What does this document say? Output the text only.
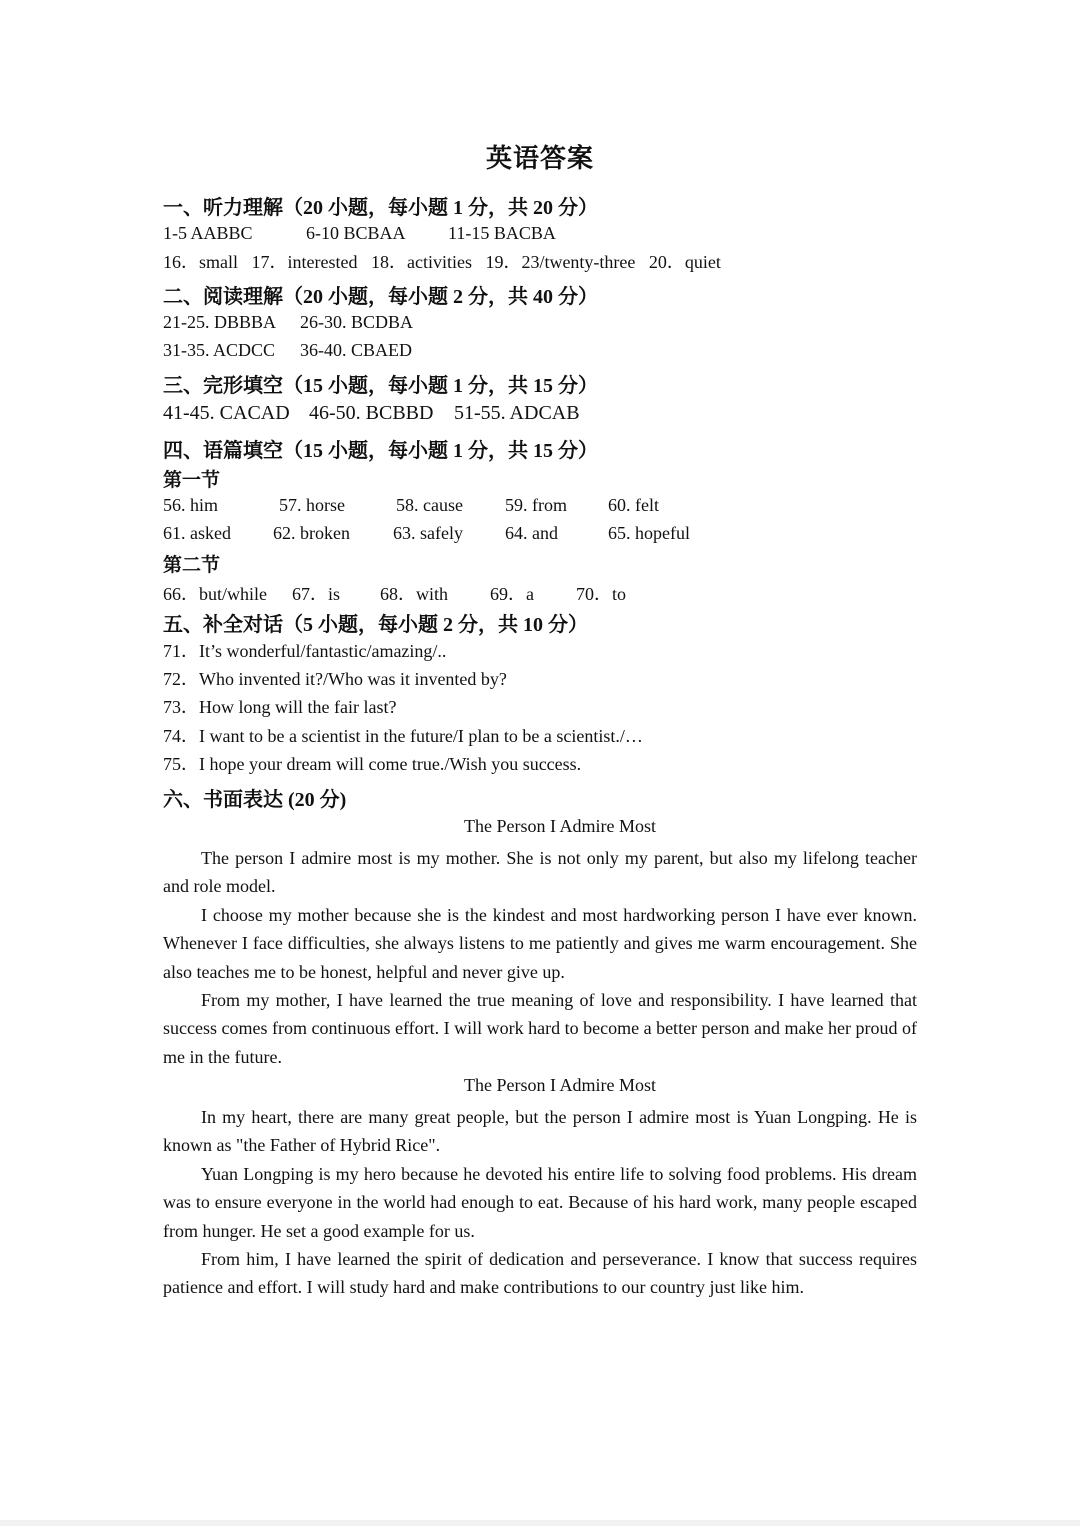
英语答案
一、听力理解（20 小题，每小题 1 分，共 20 分）
1-5 AABBC	6-10 BCBAA 11-15 BACBA
16．small   17．interested   18．activities   19．23/twenty-three   20．quiet
二、阅读理解（20 小题，每小题 2 分，共 40 分）
21-25. DBBBA 26-30. BCDBA
31-35. ACDCC 36-40. CBAED
三、完形填空（15 小题，每小题 1 分，共 15 分）
41-45. CACAD 46-50. BCBBD 51-55. ADCAB
四、语篇填空（15 小题，每小题 1 分，共 15 分）
第一节
56. him	57. horse	58. cause 59. from 60. felt
61. asked 62. broken 63. safely 64. and	65. hopeful
第二节
66．but/while 67．is 68．with 69．a 70．to
五、补全对话（5 小题，每小题 2 分，共 10 分）
71．It’s wonderful/fantastic/amazing/..
72．Who invented it?/Who was it invented by?
73．How long will the fair last?
74．I want to be a scientist in the future/I plan to be a scientist./…
75．I hope your dream will come true./Wish you success.
六、书面表达 (20 分)
The Person I Admire Most

The person I admire most is my mother. She is not only my parent, but also my lifelong teacher and role model.

I choose my mother because she is the kindest and most hardworking person I have ever known. Whenever I face difficulties, she always listens to me patiently and gives me warm encouragement. She also teaches me to be honest, helpful and never give up.

From my mother, I have learned the true meaning of love and responsibility. I have learned that success comes from continuous effort. I will work hard to become a better person and make her proud of me in the future.

The Person I Admire Most

In my heart, there are many great people, but the person I admire most is Yuan Longping. He is known as "the Father of Hybrid Rice".

Yuan Longping is my hero because he devoted his entire life to solving food problems. His dream was to ensure everyone in the world had enough to eat. Because of his hard work, many people escaped from hunger. He set a good example for us.

From him, I have learned the spirit of dedication and perseverance. I know that success requires patience and effort. I will study hard and make contributions to our country just like him.
